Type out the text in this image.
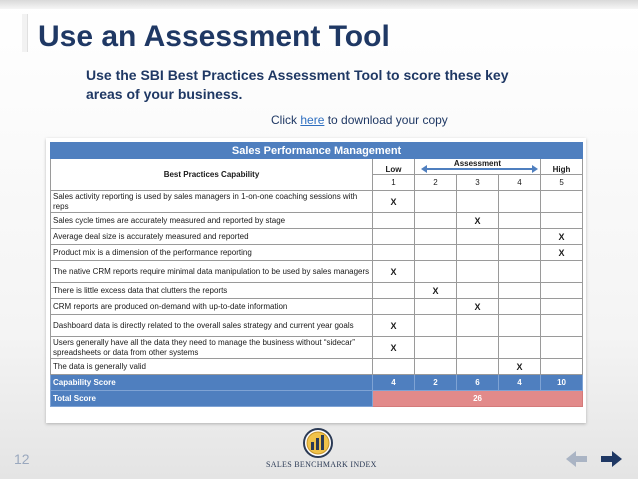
Use an Assessment Tool
Use the SBI Best Practices Assessment Tool to score these key areas of your business.
Click here to download your copy
Sales Performance Management					
Best Practices Capability	Low	Assessment			High
	1	2	3	4	5
Sales activity reporting is used by sales managers in 1-on-one coaching sessions with reps	X				
Sales cycle times are accurately measured and reported by stage			X		
Average deal size is accurately measured and reported					X
Product mix is a dimension of the performance reporting					X
The native CRM reports require minimal data manipulation to be used by sales managers	X				
There is little excess data that clutters the reports		X			
CRM reports are produced on-demand with up-to-date information			X		
Dashboard data is directly related to the overall sales strategy and current year goals	X				
Users generally have all the data they need to manage the business without “sidecar” spreadsheets or data from other systems	X				
The data is generally valid				X	
Capability Score	4	2	6	4	10
Total Score	26				
12	SALES BENCHMARK INDEX
